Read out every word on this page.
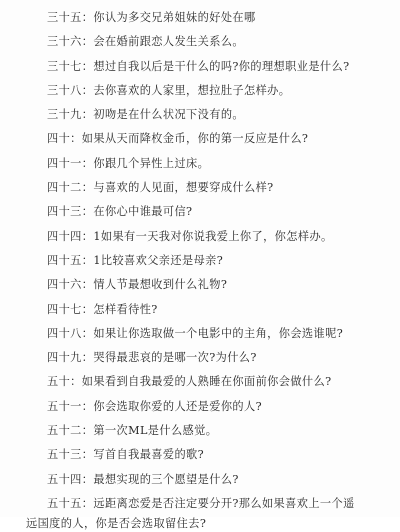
三十五：你认为多交兄弟姐妹的好处在哪
三十六：会在婚前跟恋人发生关系么。
三十七：想过自我以后是干什么的吗?你的理想职业是什么?
三十八：去你喜欢的人家里，想拉肚子怎样办。
三十九：初吻是在什么状况下没有的。
四十：如果从天而降枚金币，你的第一反应是什么?
四十一：你跟几个异性上过床。
四十二：与喜欢的人见面，想要穿成什么样?
四十三：在你心中谁最可信?
四十四：1如果有一天我对你说我爱上你了，你怎样办。
四十五：1比较喜欢父亲还是母亲?
四十六：情人节最想收到什么礼物?
四十七：怎样看待性?
四十八：如果让你选取做一个电影中的主角，你会选谁呢?
四十九：哭得最悲哀的是哪一次?为什么?
五十：如果看到自我最爱的人熟睡在你面前你会做什么?
五十一：你会选取你爱的人还是爱你的人?
五十二：第一次ML是什么感觉。
五十三：写首自我最喜爱的歌?
五十四：最想实现的三个愿望是什么?
五十五：远距离恋爱是否注定要分开?那么如果喜欢上一个遥
远国度的人，你是否会选取留住去?
